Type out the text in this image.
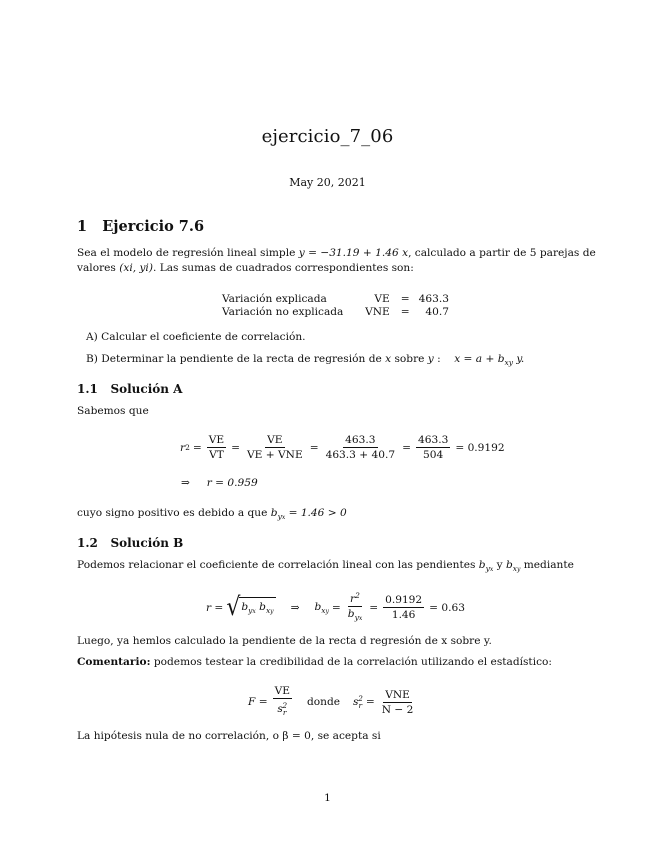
ejercicio_7_06
May 20, 2021
1 Ejercicio 7.6
Sea el modelo de regresión lineal simple y = −31.19 + 1.46 x, calculado a partir de 5 parejas de
valores (xi, yi). Las sumas de cuadrados correspondientes son:
Variación explicada	VE	=	463.3
Variación no explicada	VNE	=	40.7
A) Calcular el coeficiente de correlación.
B) Determinar la pendiente de la recta de regresión de x sobre y : $x = a + b_{xy}$ y.
1.1 Solución A
Sabemos que
r $2 = \frac{VE}{VT} = \frac{VE}{\text{VE + VNE}} = \frac{463.3}{463.3 + 40.7} = \frac{463.3}{504} = 0.9192$
⇒ r = 0.959
cuyo signo positivo es debido a que $b_{yx} = 1.46 > 0$
1.2 Solución B
Podemos relacionar el coeficiente de correlación lineal con las pendientes $b_{yx}$ y $b_{xy}$ mediante
r = √ $b_{yx}$ $b_{xy}$ ⇒ $b_{xy} = \frac{r^2}{b_{yx}} = \frac{0.9192}{1.46} = 0.63$
Luego, ya hemlos calculado la pendiente de la recta d regresión de x sobre y.
Comentario: podemos testear la credibilidad de la correlación utilizando el estadístico:
$F = \frac{VE}{s_r^2}$ donde $s_r^2 = \frac{\text{VNE}}{N - 2}$
La hipótesis nula de no correlación, o β = 0, se acepta si
1
